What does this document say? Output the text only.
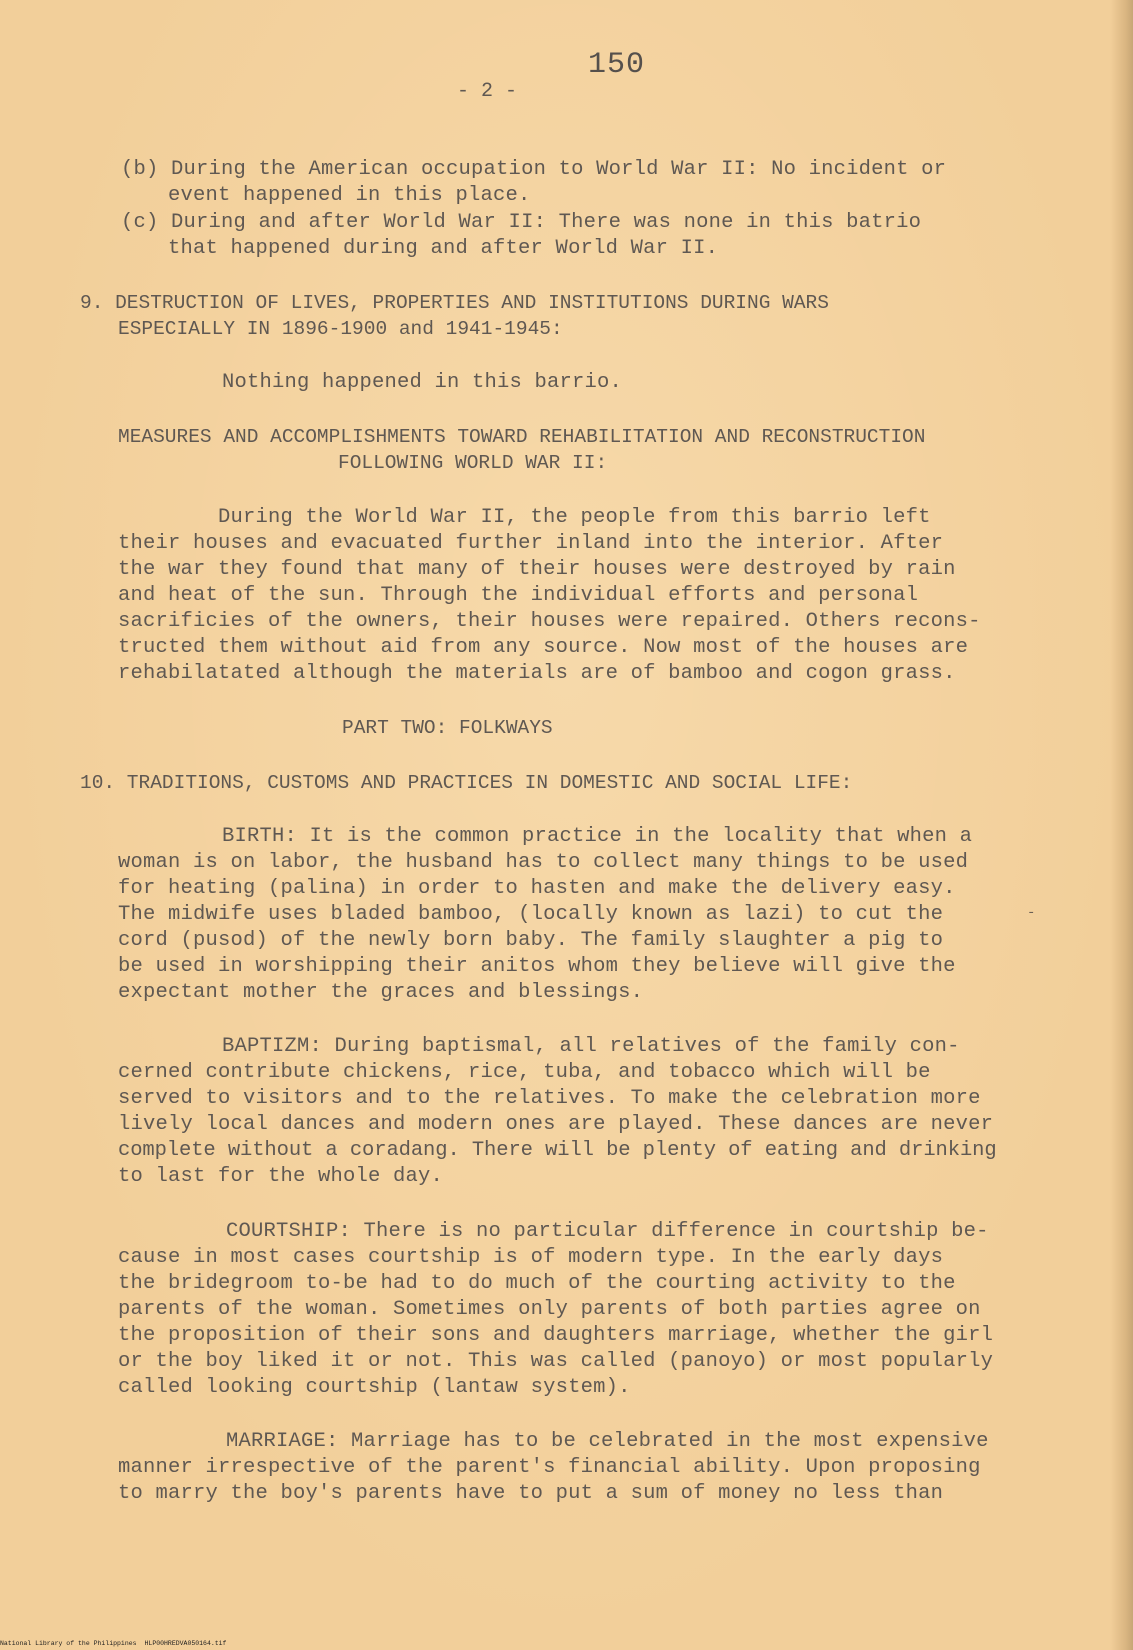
150
- 2 -
(b) During the American occupation to World War II: No incident or
event happened in this place.
(c) During and after World War II: There was none in this batrio
that happened during and after World War II.
9. DESTRUCTION OF LIVES, PROPERTIES AND INSTITUTIONS DURING WARS
ESPECIALLY IN 1896-1900 and 1941-1945:
Nothing happened in this barrio.
MEASURES AND ACCOMPLISHMENTS TOWARD REHABILITATION AND RECONSTRUCTION
FOLLOWING WORLD WAR II:
During the World War II, the people from this barrio left
their houses and evacuated further inland into the interior. After
the war they found that many of their houses were destroyed by rain
and heat of the sun. Through the individual efforts and personal
sacrificies of the owners, their houses were repaired. Others recons-
tructed them without aid from any source. Now most of the houses are
rehabilatated although the materials are of bamboo and cogon grass.
PART TWO: FOLKWAYS
10. TRADITIONS, CUSTOMS AND PRACTICES IN DOMESTIC AND SOCIAL LIFE:
BIRTH: It is the common practice in the locality that when a
woman is on labor, the husband has to collect many things to be used
for heating (palina) in order to hasten and make the delivery easy.
The midwife uses bladed bamboo, (locally known as lazi) to cut the
cord (pusod) of the newly born baby. The family slaughter a pig to
be used in worshipping their anitos whom they believe will give the
expectant mother the graces and blessings.
-
BAPTIZM: During baptismal, all relatives of the family con-
cerned contribute chickens, rice, tuba, and tobacco which will be
served to visitors and to the relatives. To make the celebration more
lively local dances and modern ones are played. These dances are never
complete without a coradang. There will be plenty of eating and drinking
to last for the whole day.
COURTSHIP: There is no particular difference in courtship be-
cause in most cases courtship is of modern type. In the early days
the bridegroom to-be had to do much of the courting activity to the
parents of the woman. Sometimes only parents of both parties agree on
the proposition of their sons and daughters marriage, whether the girl
or the boy liked it or not. This was called (panoyo) or most popularly
called looking courtship (lantaw system).
MARRIAGE: Marriage has to be celebrated in the most expensive
manner irrespective of the parent's financial ability. Upon proposing
to marry the boy's parents have to put a sum of money no less than
National Library of the Philippines HLP00HREDVA050164.tif
